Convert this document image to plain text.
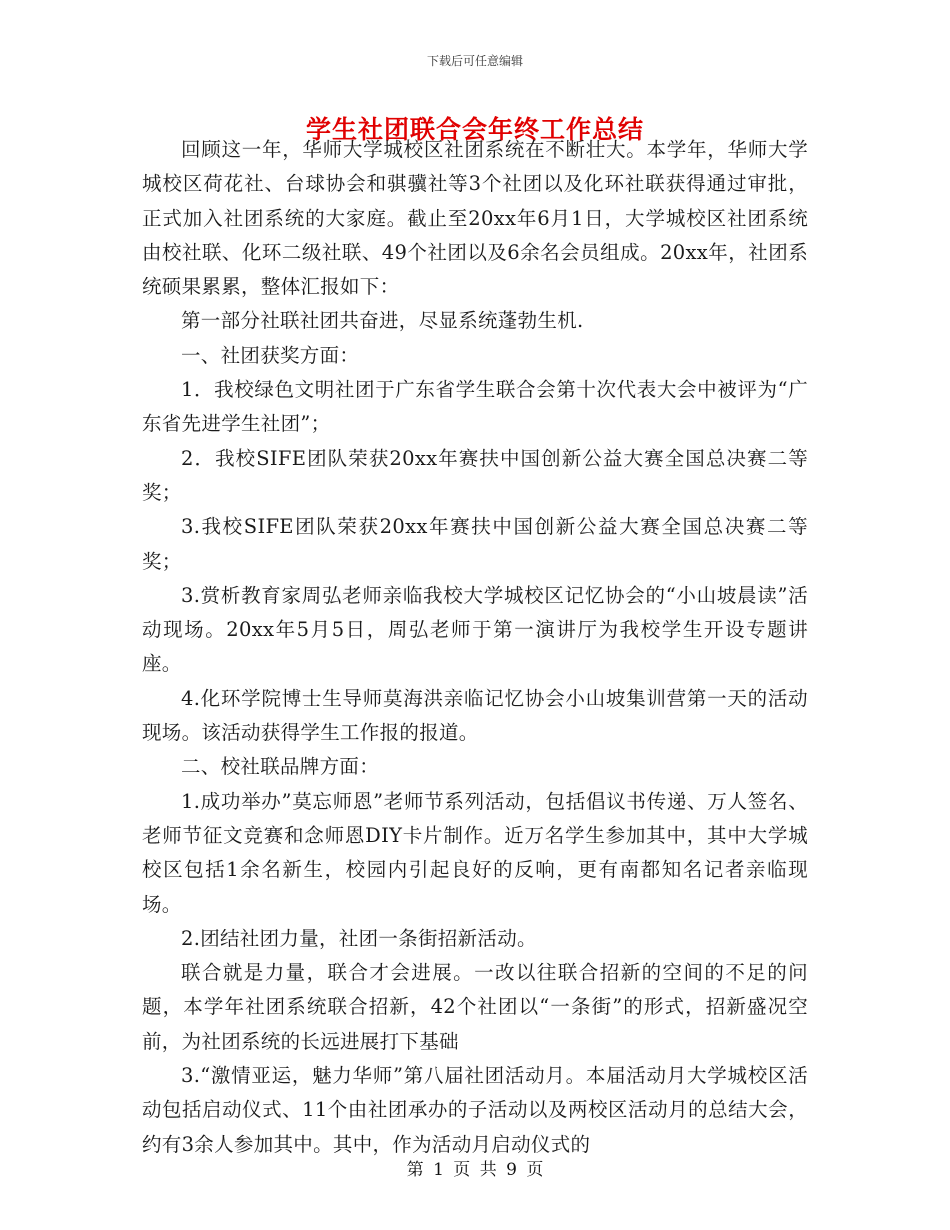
下载后可任意编辑
学生社团联合会年终工作总结

回顾这一年，华师大学城校区社团系统在不断壮大。本学年，华师大学城校区荷花社、台球协会和骐骥社等3个社团以及化环社联获得通过审批，正式加入社团系统的大家庭。截止至20xx年6月1日，大学城校区社团系统由校社联、化环二级社联、49个社团以及6余名会员组成。20xx年，社团系统硕果累累，整体汇报如下：

第一部分社联社团共奋进，尽显系统蓬勃生机.

一、社团获奖方面：

1．我校绿色文明社团于广东省学生联合会第十次代表大会中被评为“广东省先进学生社团”；

2．我校SIFE团队荣获20xx年赛扶中国创新公益大赛全国总决赛二等奖；

3.我校SIFE团队荣获20xx年赛扶中国创新公益大赛全国总决赛二等奖；

3.赏析教育家周弘老师亲临我校大学城校区记忆协会的“小山坡晨读”活动现场。20xx年5月5日，周弘老师于第一演讲厅为我校学生开设专题讲座。

4.化环学院博士生导师莫海洪亲临记忆协会小山坡集训营第一天的活动现场。该活动获得学生工作报的报道。

二、校社联品牌方面：

1.成功举办”莫忘师恩”老师节系列活动，包括倡议书传递、万人签名、老师节征文竞赛和念师恩DIY卡片制作。近万名学生参加其中，其中大学城校区包括1余名新生，校园内引起良好的反响，更有南都知名记者亲临现场。

2.团结社团力量，社团一条街招新活动。

联合就是力量，联合才会进展。一改以往联合招新的空间的不足的问题，本学年社团系统联合招新，42个社团以“一条街”的形式，招新盛况空前，为社团系统的长远进展打下基础

3.“激情亚运，魅力华师”第八届社团活动月。本届活动月大学城校区活动包括启动仪式、11个由社团承办的子活动以及两校区活动月的总结大会，约有3余人参加其中。其中，作为活动月启动仪式的

第 1 页 共 9 页
